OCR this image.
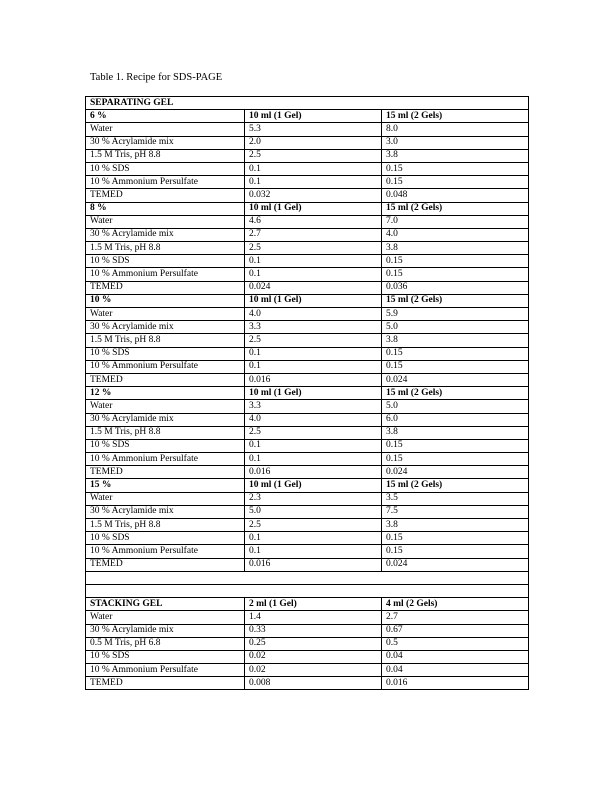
Table 1. Recipe for SDS-PAGE
SEPARATING GEL		
6 %	10 ml (1 Gel)	15 ml (2 Gels)
Water	5.3	8.0
30 % Acrylamide mix	2.0	3.0
1.5 M Tris, pH 8.8	2.5	3.8
10 % SDS	0.1	0.15
10 % Ammonium Persulfate	0.1	0.15
TEMED	0.032	0.048
8 %	10 ml (1 Gel)	15 ml (2 Gels)
Water	4.6	7.0
30 % Acrylamide mix	2.7	4.0
1.5 M Tris, pH 8.8	2.5	3.8
10 % SDS	0.1	0.15
10 % Ammonium Persulfate	0.1	0.15
TEMED	0.024	0.036
10 %	10 ml (1 Gel)	15 ml (2 Gels)
Water	4.0	5.9
30 % Acrylamide mix	3.3	5.0
1.5 M Tris, pH 8.8	2.5	3.8
10 % SDS	0.1	0.15
10 % Ammonium Persulfate	0.1	0.15
TEMED	0.016	0.024
12 %	10 ml (1 Gel)	15 ml (2 Gels)
Water	3.3	5.0
30 % Acrylamide mix	4.0	6.0
1.5 M Tris, pH 8.8	2.5	3.8
10 % SDS	0.1	0.15
10 % Ammonium Persulfate	0.1	0.15
TEMED	0.016	0.024
15 %	10 ml (1 Gel)	15 ml (2 Gels)
Water	2.3	3.5
30 % Acrylamide mix	5.0	7.5
1.5 M Tris, pH 8.8	2.5	3.8
10 % SDS	0.1	0.15
10 % Ammonium Persulfate	0.1	0.15
TEMED	0.016	0.024

STACKING GEL	2 ml (1 Gel)	4 ml (2 Gels)
Water	1.4	2.7
30 % Acrylamide mix	0.33	0.67
0.5 M Tris, pH 6.8	0.25	0.5
10 % SDS	0.02	0.04
10 % Ammonium Persulfate	0.02	0.04
TEMED	0.008	0.016
